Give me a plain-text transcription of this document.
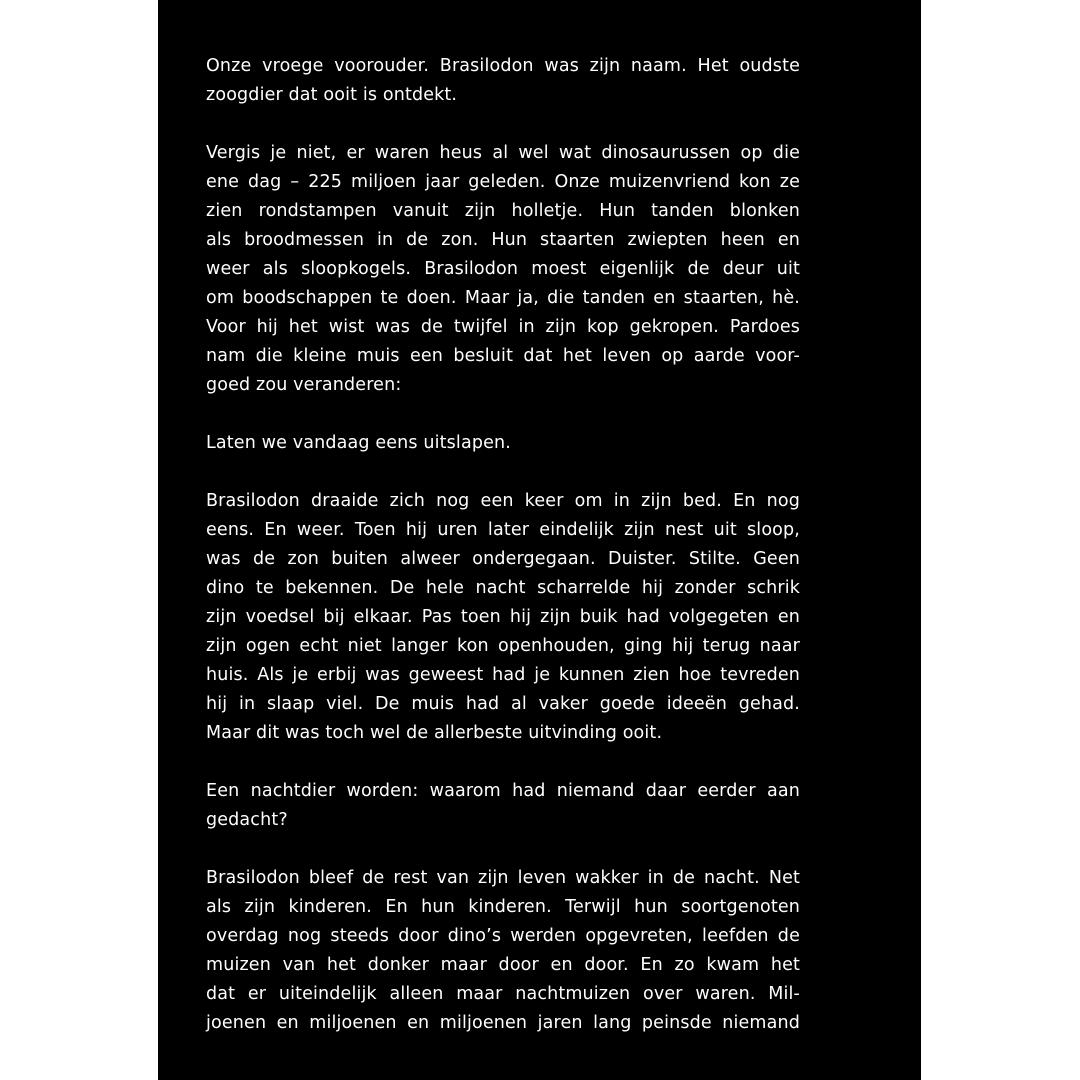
Onze vroege voorouder. Brasilodon was zijn naam. Het oudste
zoogdier dat ooit is ontdekt.
Vergis je niet, er waren heus al wel wat dinosaurussen op die
ene dag – 225 miljoen jaar geleden. Onze muizenvriend kon ze
zien rondstampen vanuit zijn holletje. Hun tanden blonken
als broodmessen in de zon. Hun staarten zwiepten heen en
weer als sloopkogels. Brasilodon moest eigenlijk de deur uit
om boodschappen te doen. Maar ja, die tanden en staarten, hè.
Voor hij het wist was de twijfel in zijn kop gekropen. Pardoes
nam die kleine muis een besluit dat het leven op aarde voor-
goed zou veranderen:
Laten we vandaag eens uitslapen.
Brasilodon draaide zich nog een keer om in zijn bed. En nog
eens. En weer. Toen hij uren later eindelijk zijn nest uit sloop,
was de zon buiten alweer ondergegaan. Duister. Stilte. Geen
dino te bekennen. De hele nacht scharrelde hij zonder schrik
zijn voedsel bij elkaar. Pas toen hij zijn buik had volgegeten en
zijn ogen echt niet langer kon openhouden, ging hij terug naar
huis. Als je erbij was geweest had je kunnen zien hoe tevreden
hij in slaap viel. De muis had al vaker goede ideeën gehad.
Maar dit was toch wel de allerbeste uitvinding ooit.
Een nachtdier worden: waarom had niemand daar eerder aan
gedacht?
Brasilodon bleef de rest van zijn leven wakker in de nacht. Net
als zijn kinderen. En hun kinderen. Terwijl hun soortgenoten
overdag nog steeds door dino’s werden opgevreten, leefden de
muizen van het donker maar door en door. En zo kwam het
dat er uiteindelijk alleen maar nachtmuizen over waren. Mil-
joenen en miljoenen en miljoenen jaren lang peinsde niemand
